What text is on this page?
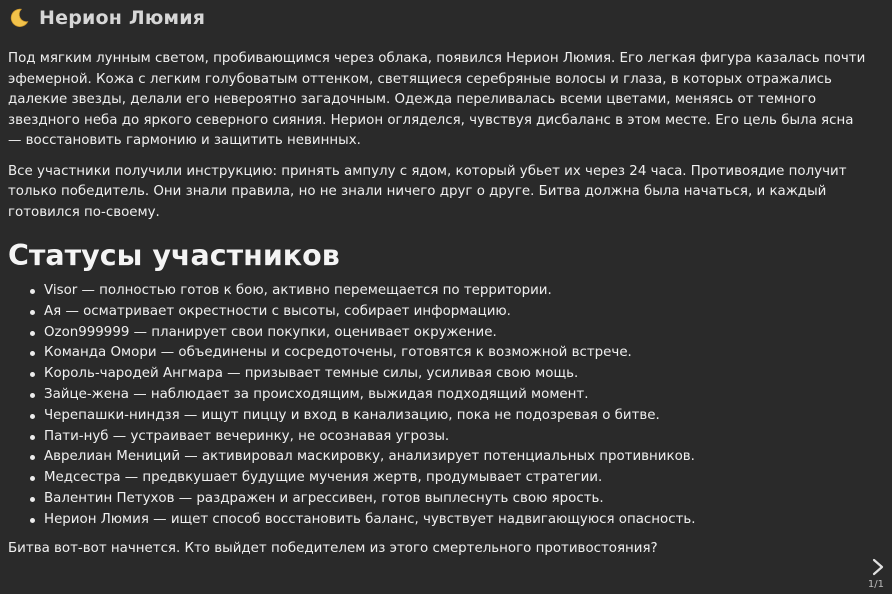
Нерион Люмия

Под мягким лунным светом, пробивающимся через облака, появился Нерион Люмия. Его легкая фигура казалась почти эфемерной. Кожа с легким голубоватым оттенком, светящиеся серебряные волосы и глаза, в которых отражались далекие звезды, делали его невероятно загадочным. Одежда переливалась всеми цветами, меняясь от темного звездного неба до яркого северного сияния. Нерион огляделся, чувствуя дисбаланс в этом месте. Его цель была ясна — восстановить гармонию и защитить невинных.

Все участники получили инструкцию: принять ампулу с ядом, который убьет их через 24 часа. Противоядие получит только победитель. Они знали правила, но не знали ничего друг о друге. Битва должна была начаться, и каждый готовился по-своему.

Статусы участников
Visor — полностью готов к бою, активно перемещается по территории.
Ая — осматривает окрестности с высоты, собирает информацию.
Ozon999999 — планирует свои покупки, оценивает окружение.
Команда Омори — объединены и сосредоточены, готовятся к возможной встрече.
Король-чародей Ангмара — призывает темные силы, усиливая свою мощь.
Зайце-жена — наблюдает за происходящим, выжидая подходящий момент.
Черепашки-ниндзя — ищут пиццу и вход в канализацию, пока не подозревая о битве.
Пати-нуб — устраивает вечеринку, не осознавая угрозы.
Аврелиан Менициӣ — активировал маскировку, анализирует потенциальных противников.
Медсестра — предвкушает будущие мучения жертв, продумывает стратегии.
Валентин Петухов — раздражен и агрессивен, готов выплеснуть свою ярость.
Нерион Люмия — ищет способ восстановить баланс, чувствует надвигающуюся опасность.

Битва вот-вот начнется. Кто выйдет победителем из этого смертельного противостояния?

1/1
